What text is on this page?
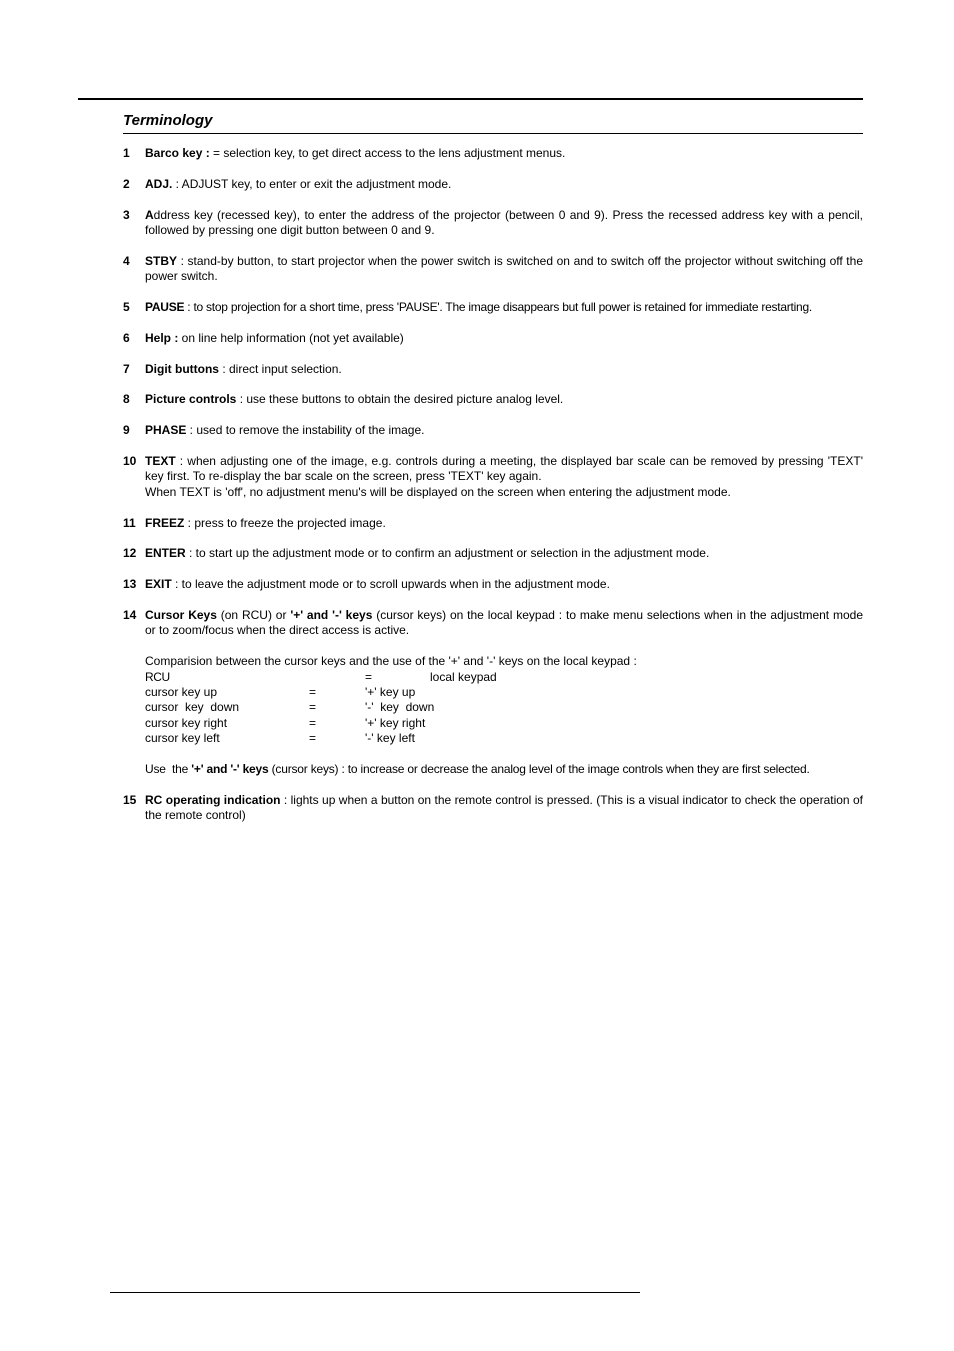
Terminology
1 Barco key : = selection key, to get direct access to the lens adjustment menus.
2 ADJ. : ADJUST key, to enter or exit the adjustment mode.
3 Address key (recessed key), to enter the address of the projector (between 0 and 9). Press the recessed address key with a pencil, followed by pressing one digit button between 0 and 9.
4 STBY : stand-by button, to start projector when the power switch is switched on and to switch off the projector without switching off the power switch.
5 PAUSE : to stop projection for a short time, press 'PAUSE'. The image disappears but full power is retained for immediate restarting.
6 Help : on line help information (not yet available)
7 Digit buttons : direct input selection.
8 Picture controls : use these buttons to obtain the desired picture analog level.
9 PHASE : used to remove the instability of the image.
10 TEXT : when adjusting one of the image, e.g. controls during a meeting, the displayed bar scale can be removed by pressing 'TEXT' key first. To re-display the bar scale on the screen, press 'TEXT' key again.
When TEXT is 'off', no adjustment menu's will be displayed on the screen when entering the adjustment mode.
11 FREEZ : press to freeze the projected image.
12 ENTER : to start up the adjustment mode or to confirm an adjustment or selection in the adjustment mode.
13 EXIT : to leave the adjustment mode or to scroll upwards when in the adjustment mode.
14 Cursor Keys (on RCU) or '+' and '-' keys (cursor keys) on the local keypad : to make menu selections when in the adjustment mode or to zoom/focus when the direct access is active.
Comparision between the cursor keys and the use of the '+' and '-' keys on the local keypad :
RCU		= local keypad
cursor key up	=	'+' key up
cursor  key  down	=	'-'  key  down
cursor key right	=	'+' key right
cursor key left	=	'-' key left
Use  the '+' and '-' keys (cursor keys) : to increase or decrease the analog level of the image controls when they are first selected.
15 RC operating indication : lights up when a button on the remote control is pressed. (This is a visual indicator to check the operation of the remote control)
